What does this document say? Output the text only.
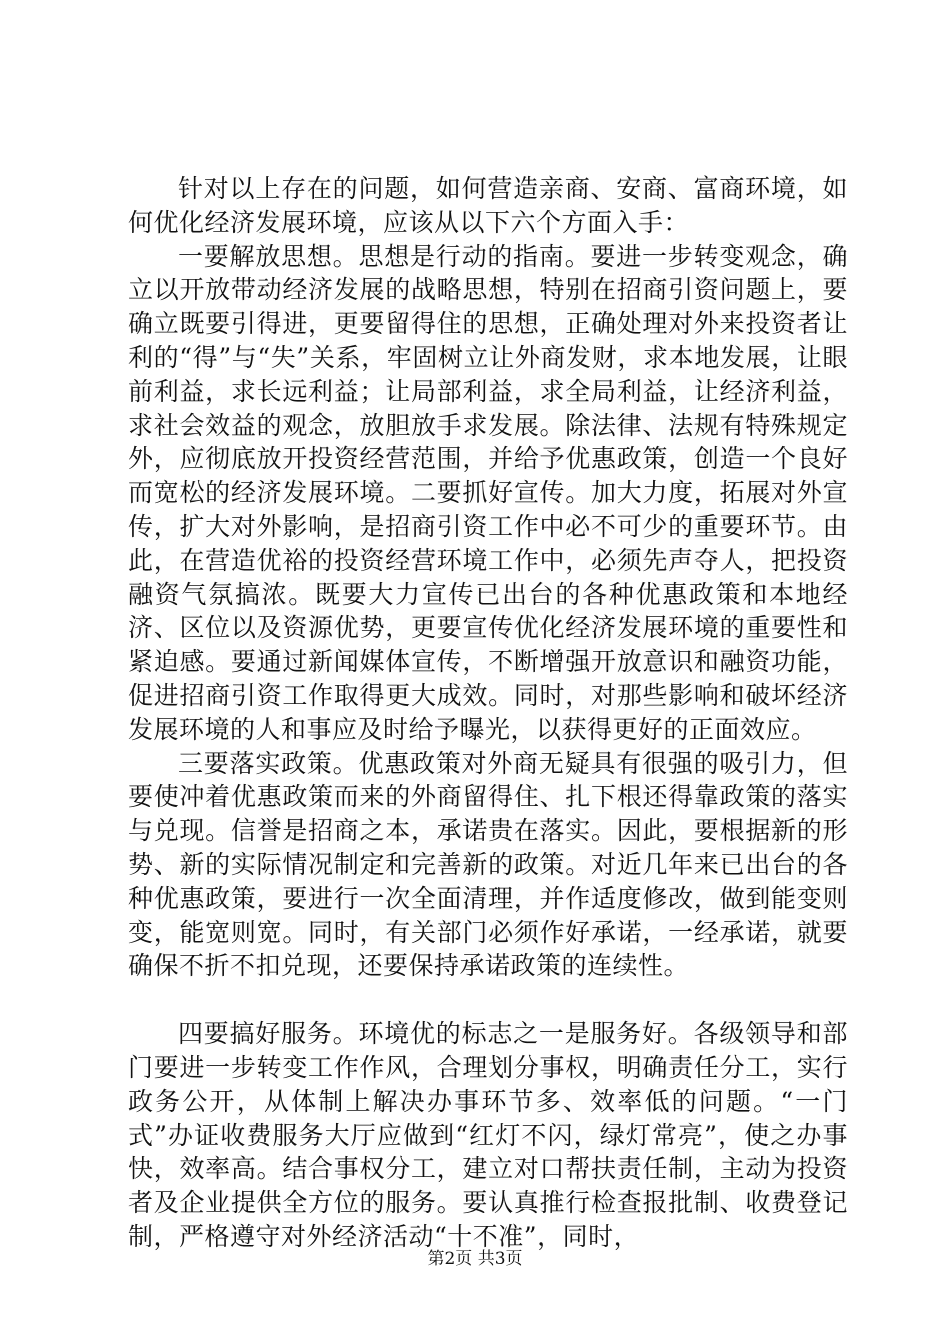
针对以上存在的问题，如何营造亲商、安商、富商环境，如何优化经济发展环境，应该从以下六个方面入手：

一要解放思想。思想是行动的指南。要进一步转变观念，确立以开放带动经济发展的战略思想，特别在招商引资问题上，要确立既要引得进，更要留得住的思想，正确处理对外来投资者让利的“得”与“失”关系，牢固树立让外商发财，求本地发展，让眼前利益，求长远利益；让局部利益，求全局利益，让经济利益，求社会效益的观念，放胆放手求发展。除法律、法规有特殊规定外，应彻底放开投资经营范围，并给予优惠政策，创造一个良好而宽松的经济发展环境。二要抓好宣传。加大力度，拓展对外宣传，扩大对外影响，是招商引资工作中必不可少的重要环节。由此，在营造优裕的投资经营环境工作中，必须先声夺人，把投资融资气氛搞浓。既要大力宣传已出台的各种优惠政策和本地经济、区位以及资源优势，更要宣传优化经济发展环境的重要性和紧迫感。要通过新闻媒体宣传，不断增强开放意识和融资功能，促进招商引资工作取得更大成效。同时，对那些影响和破坏经济发展环境的人和事应及时给予曝光，以获得更好的正面效应。

三要落实政策。优惠政策对外商无疑具有很强的吸引力，但要使冲着优惠政策而来的外商留得住、扎下根还得靠政策的落实与兑现。信誉是招商之本，承诺贵在落实。因此，要根据新的形势、新的实际情况制定和完善新的政策。对近几年来已出台的各种优惠政策，要进行一次全面清理，并作适度修改，做到能变则变，能宽则宽。同时，有关部门必须作好承诺，一经承诺，就要确保不折不扣兑现，还要保持承诺政策的连续性。

四要搞好服务。环境优的标志之一是服务好。各级领导和部门要进一步转变工作作风，合理划分事权，明确责任分工，实行政务公开，从体制上解决办事环节多、效率低的问题。“一门式”办证收费服务大厅应做到“红灯不闪，绿灯常亮”，使之办事快，效率高。结合事权分工，建立对口帮扶责任制，主动为投资者及企业提供全方位的服务。要认真推行检查报批制、收费登记制，严格遵守对外经济活动“十不准”，同时，

第2页 共3页
